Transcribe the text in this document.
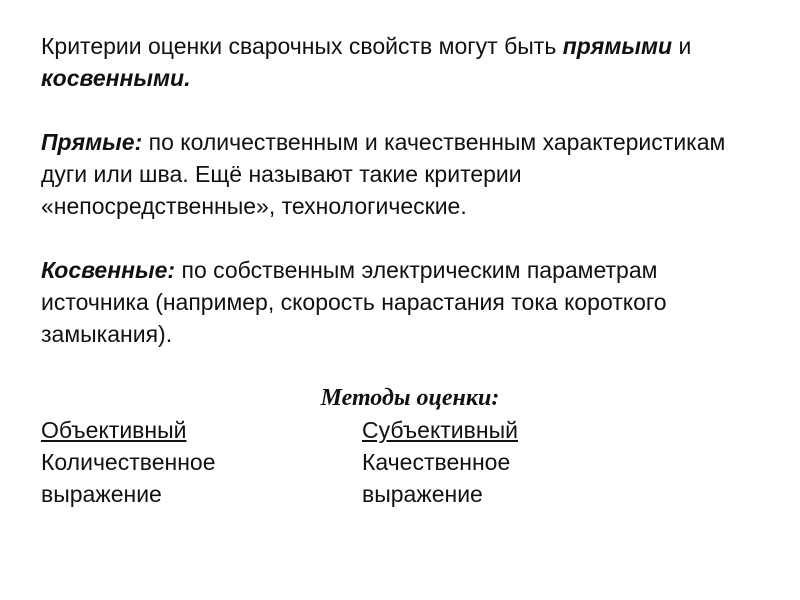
Критерии оценки сварочных свойств могут быть прямыми и косвенными.

Прямые: по количественным и качественным характеристикам дуги или шва. Ещё называют такие критерии «непосредственные», технологические.

Косвенные: по собственным электрическим параметрам источника (например, скорость нарастания тока короткого замыкания).

Методы оценки:

Объективный
Количественное
выражение
Субъективный
Качественное
выражение
